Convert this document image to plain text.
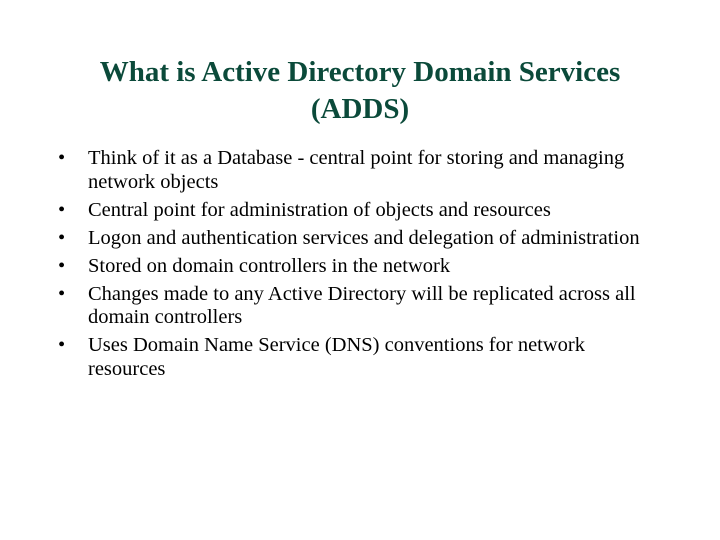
What is Active Directory Domain Services
(ADDS)
•	Think of it as a Database - central point for storing and managing network objects
•	Central point for administration of objects and resources
•	Logon and authentication services and delegation of administration
•	Stored on domain controllers in the network
•	Changes made to any Active Directory will be replicated across all domain controllers
•	Uses Domain Name Service (DNS) conventions for network resources
